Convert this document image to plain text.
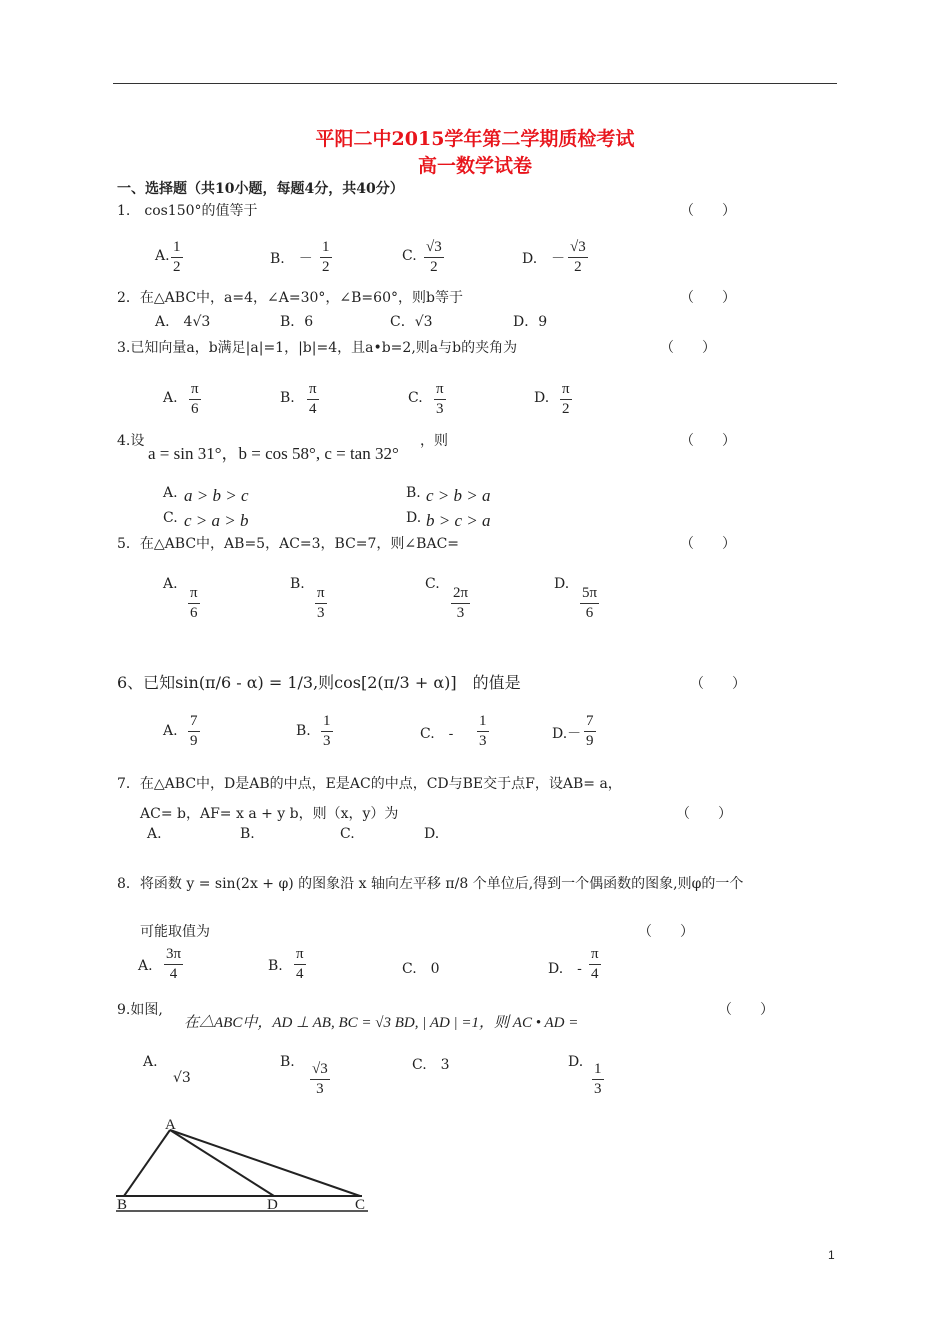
平阳二中2015学年第二学期质检考试
高一数学试卷
一、选择题（共10小题，每题4分，共40分）
1.　cos150°的值等于	（　　）
A. $\frac{1}{2}$	B.　－ $\frac{1}{2}$	C. $\frac{√3}{2}$	D.　－ $\frac{√3}{2}$
2．在△ABC中，a=4，∠A=30°，∠B=60°，则b等于	（　　）
A.　4√3	B．6	C．√3	D．9
3.已知向量a，b满足|a|=1，|b|=4，且a•b=2,则a与b的夹角为	（　　）
A. $\frac{\pi}{6}$	B. $\frac{\pi}{4}$	C. $\frac{\pi}{3}$	D. $\frac{\pi}{2}$
4.设
a = sin 31°，b = cos 58°, c = tan 32°
，则	（　　）
A. a > b > c	B. c > b > a
C. c > a > b	D. b > c > a
5．在△ABC中，AB=5，AC=3，BC=7，则∠BAC=	（　　）
A. $\frac{\pi}{6}$	B. $\frac{\pi}{3}$	C. $\frac{2\pi}{3}$	D. $\frac{5\pi}{6}$
6、已知sin(π/6 - α) = 1/3,则cos[2(π/3 + α)]　的值是	（　　）
A. $\frac{7}{9}$	B. $\frac{1}{3}$	C.　- $\frac{1}{3}$	$D.- \frac{7}{9}$
7．在△ABC中，D是AB的中点，E是AC的中点，CD与BE交于点F，设AB= a，
AC= b，AF= x a + y b，则（x，y）为	（　　）
A.	B.	C.	D.
8．将函数 y = sin(2x + φ) 的图象沿 x 轴向左平移 π/8 个单位后,得到一个偶函数的图象,则φ的一个
可能取值为	（　　）
A. $\frac{3\pi}{4}$	B. $\frac{\pi}{4}$	C.　0	D.　- $\frac{\pi}{4}$
9.如图,
在△ABC中，AD ⊥ AB, BC = √3 BD, | AD | =1，则 AC • AD =
（　　）
A.
√3
B. $\frac{√3}{3}$	C.　3	D. $\frac{1}{3}$
A
B	D	C
1
